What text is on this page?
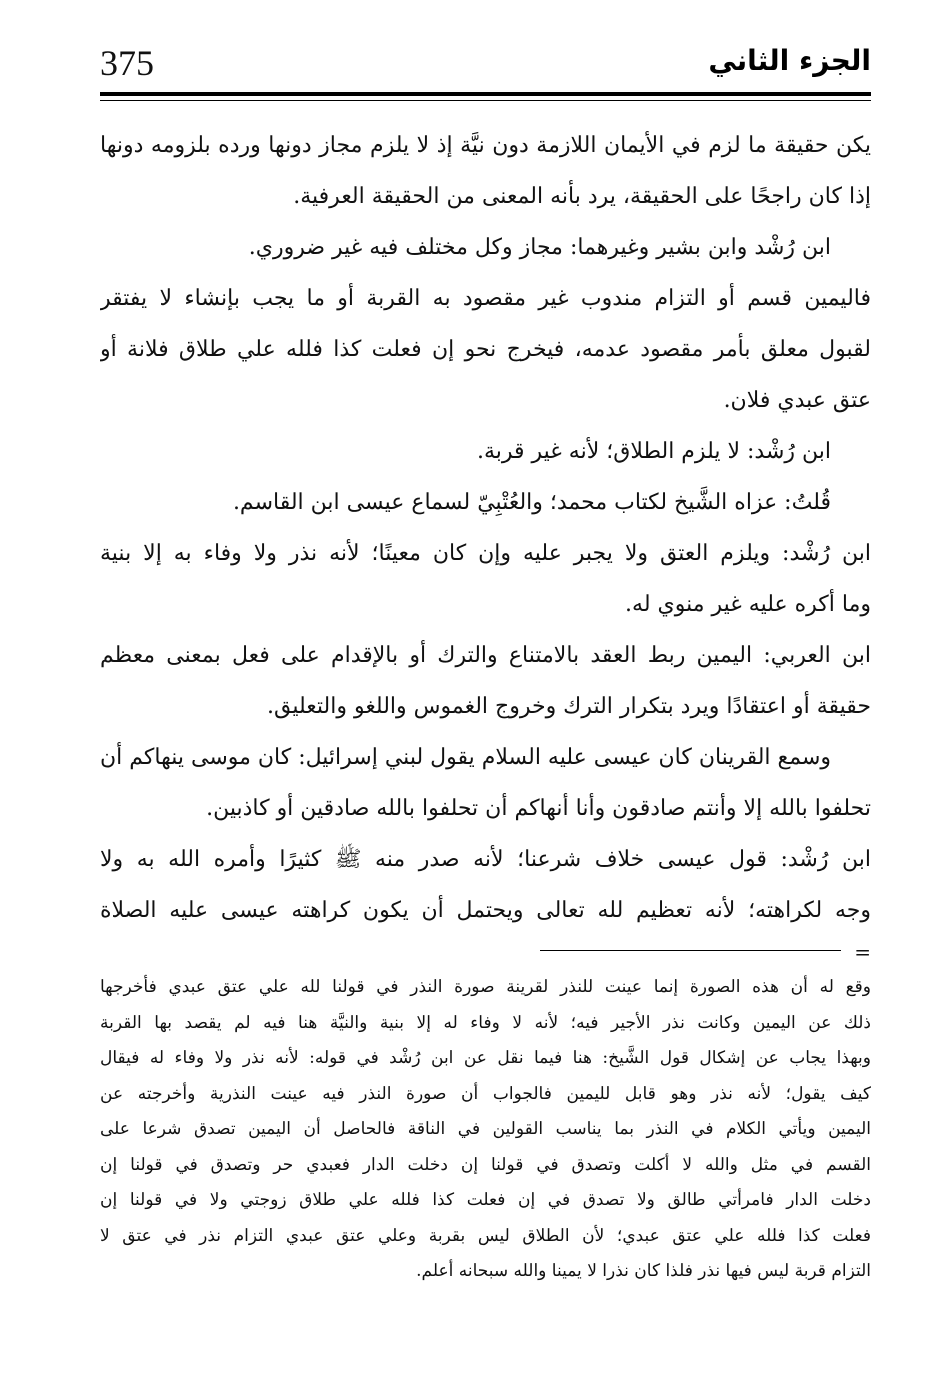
375	الجزء الثاني
يكن حقيقة ما لزم في الأيمان اللازمة دون نيَّة إذ لا يلزم مجاز دونها ورده بلزومه دونها
إذا كان راجحًا على الحقيقة، يرد بأنه المعنى من الحقيقة العرفية.
ابن رُشْد وابن بشير وغيرهما: مجاز وكل مختلف فيه غير ضروري.
فاليمين قسم أو التزام مندوب غير مقصود به القربة أو ما يجب بإنشاء لا يفتقر
لقبول معلق بأمر مقصود عدمه، فيخرج نحو إن فعلت كذا فلله علي طلاق فلانة أو
عتق عبدي فلان.
ابن رُشْد: لا يلزم الطلاق؛ لأنه غير قربة.
قُلتُ: عزاه الشَّيخ لكتاب محمد؛ والعُتْبِيّ لسماع عيسى ابن القاسم.
ابن رُشْد: ويلزم العتق ولا يجبر عليه وإن كان معينًا؛ لأنه نذر ولا وفاء به إلا بنية
وما أكره عليه غير منوي له.
ابن العربي: اليمين ربط العقد بالامتناع والترك أو بالإقدام على فعل بمعنى معظم
حقيقة أو اعتقادًا ويرد بتكرار الترك وخروج الغموس واللغو والتعليق.
وسمع القرينان كان عيسى عليه السلام يقول لبني إسرائيل: كان موسى ينهاكم أن
تحلفوا بالله إلا وأنتم صادقون وأنا أنهاكم أن تحلفوا بالله صادقين أو كاذبين.
ابن رُشْد: قول عيسى خلاف شرعنا؛ لأنه صدر منه ﷺ كثيرًا وأمره الله به ولا
وجه لكراهته؛ لأنه تعظيم لله تعالى ويحتمل أن يكون كراهته عيسى عليه الصلاة
=
وقع له أن هذه الصورة إنما عينت للنذر لقرينة صورة النذر في قولنا لله علي عتق عبدي فأخرجها
ذلك عن اليمين وكانت نذر الأجير فيه؛ لأنه لا وفاء له إلا بنية والنيَّة هنا فيه لم يقصد بها القربة
وبهذا يجاب عن إشكال قول الشَّيخ: هنا فيما نقل عن ابن رُشْد في قوله: لأنه نذر ولا وفاء له فيقال
كيف يقول؛ لأنه نذر وهو قابل لليمين فالجواب أن صورة النذر فيه عينت النذرية وأخرجته عن
اليمين ويأتي الكلام في النذر بما يناسب القولين في الناقة فالحاصل أن اليمين تصدق شرعا على
القسم في مثل والله لا أكلت وتصدق في قولنا إن دخلت الدار فعبدي حر وتصدق في قولنا إن
دخلت الدار فامرأتي طالق ولا تصدق في إن فعلت كذا فلله علي طلاق زوجتي ولا في قولنا إن
فعلت كذا فلله علي عتق عبدي؛ لأن الطلاق ليس بقربة وعلي عتق عبدي التزام نذر في عتق لا
التزام قربة ليس فيها نذر فلذا كان نذرا لا يمينا والله سبحانه أعلم.
